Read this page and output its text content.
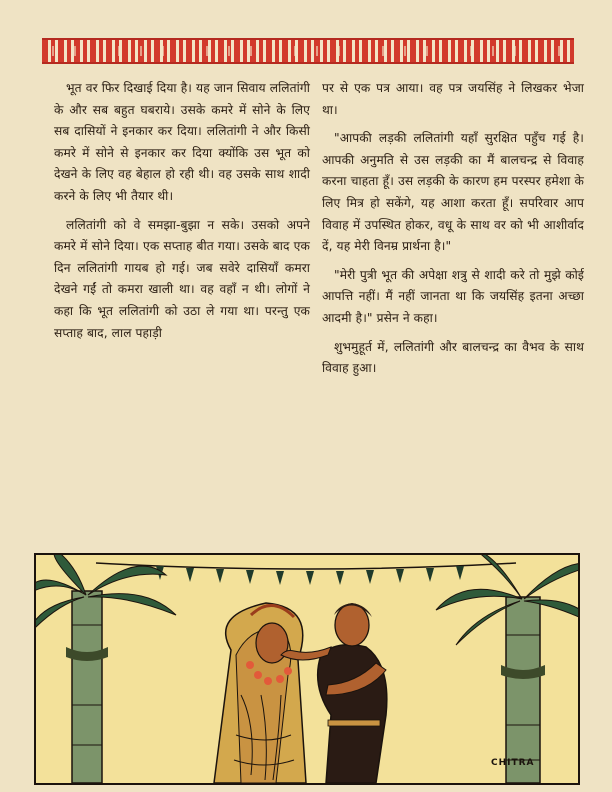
भूत वर फिर दिखाई दिया है। यह जान सिवाय ललितांगी के और सब बहुत घबराये। उसके कमरे में सोने के लिए सब दासियों ने इनकार कर दिया। ललितांगी ने और किसी कमरे में सोने से इनकार कर दिया क्योंकि उस भूत को देखने के लिए वह बेहाल हो रही थी। वह उसके साथ शादी करने के लिए भी तैयार थी।

ललितांगी को वे समझा-बुझा न सके। उसको अपने कमरे में सोने दिया। एक सप्ताह बीत गया। उसके बाद एक दिन ललितांगी गायब हो गई। जब सवेरे दासियाँ कमरा देखने गईं तो कमरा खाली था। वह वहाँ न थी। लोगों ने कहा कि भूत ललितांगी को उठा ले गया था। परन्तु एक सप्ताह बाद, लाल पहाड़ी

पर से एक पत्र आया। वह पत्र जयसिंह ने लिखकर भेजा था।

"आपकी लड़की ललितांगी यहाँ सुरक्षित पहुँच गई है। आपकी अनुमति से उस लड़की का मैं बालचन्द्र से विवाह करना चाहता हूँ। उस लड़की के कारण हम परस्पर हमेशा के लिए मित्र हो सकेंगे, यह आशा करता हूँ। सपरिवार आप विवाह में उपस्थित होकर, वधू के साथ वर को भी आशीर्वाद दें, यह मेरी विनम्र प्रार्थना है।"

"मेरी पुत्री भूत की अपेक्षा शत्रु से शादी करे तो मुझे कोई आपत्ति नहीं। मैं नहीं जानता था कि जयसिंह इतना अच्छा आदमी है।" प्रसेन ने कहा।

शुभमुहूर्त में, ललितांगी और बालचन्द्र का वैभव के साथ विवाह हुआ।

CHITRA
